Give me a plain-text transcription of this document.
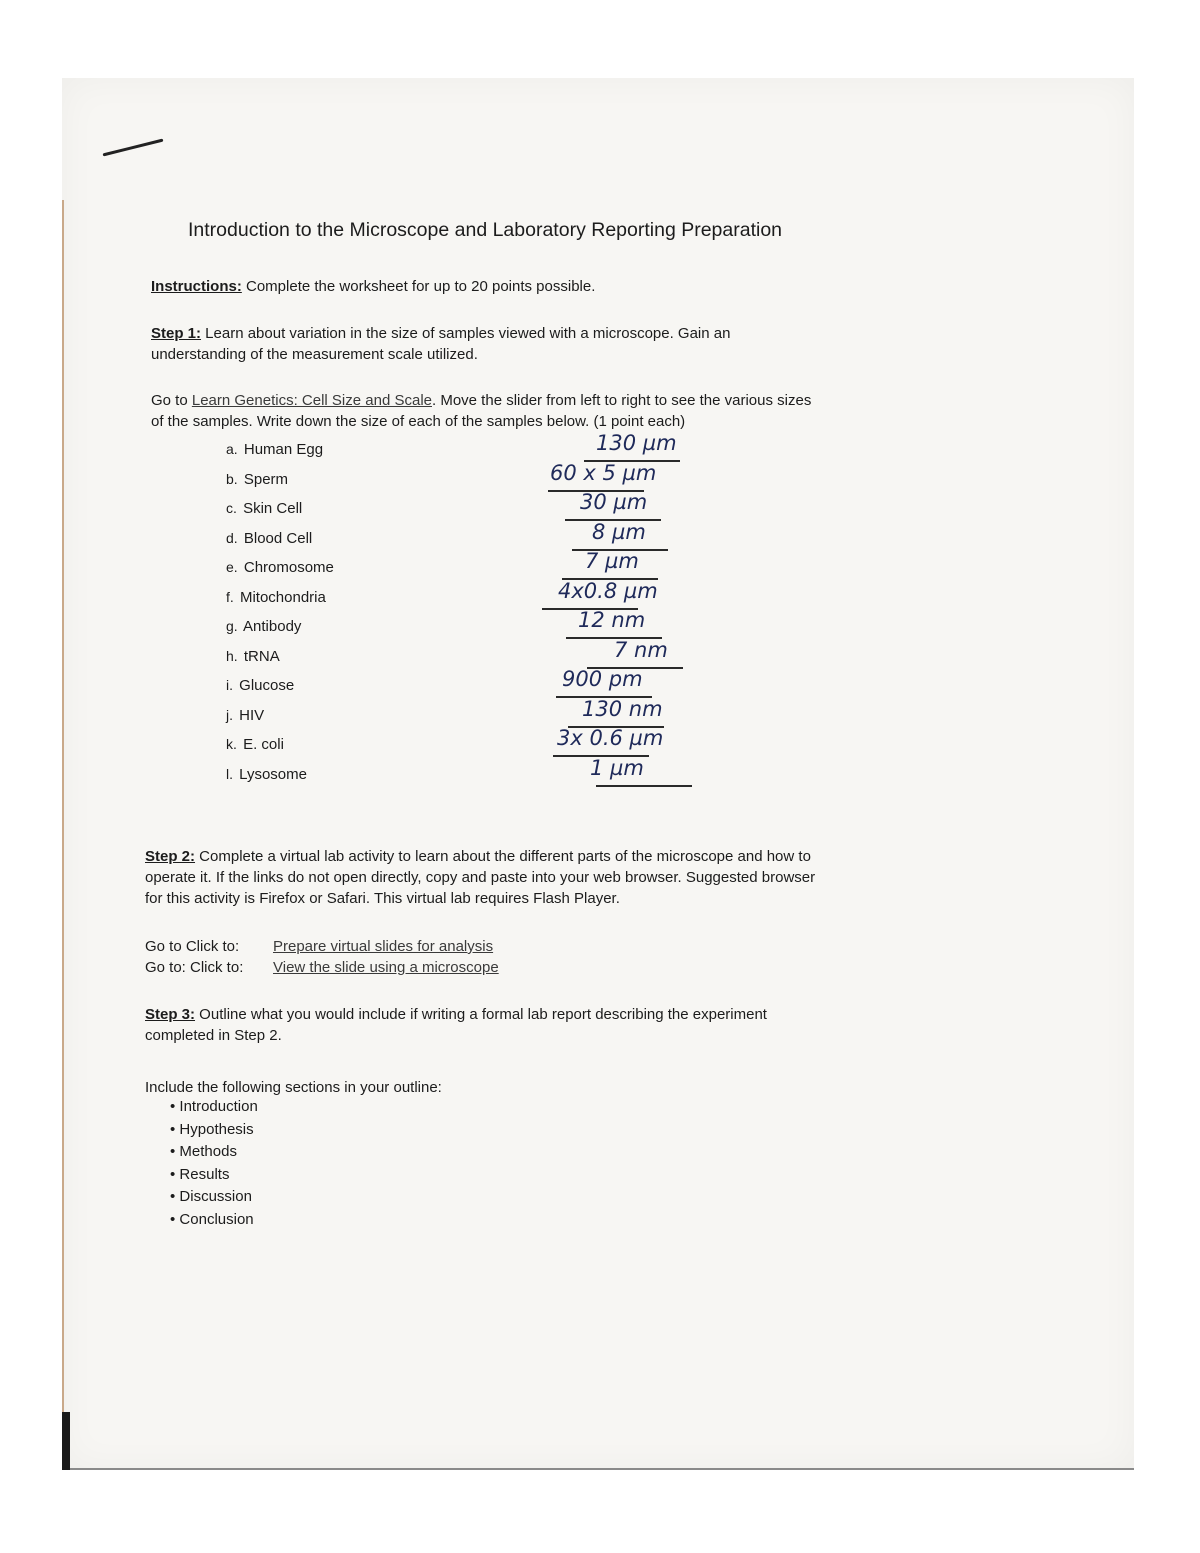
Introduction to the Microscope and Laboratory Reporting Preparation
Instructions: Complete the worksheet for up to 20 points possible.
Step 1: Learn about variation in the size of samples viewed with a microscope. Gain an
understanding of the measurement scale utilized.
Go to Learn Genetics: Cell Size and Scale. Move the slider from left to right to see the various sizes
of the samples. Write down the size of each of the samples below. (1 point each)
a. Human Egg	130 µm
b. Sperm	60 x 5 µm
c. Skin Cell	30 µm
d. Blood Cell	8 µm
e. Chromosome	7 µm
f. Mitochondria	4x0.8 µm
g. Antibody	12 nm
h. tRNA	7 nm
i. Glucose	900 pm
j. HIV	130 nm
k. E. coli	3x 0.6 µm
l. Lysosome	1 µm
Step 2: Complete a virtual lab activity to learn about the different parts of the microscope and how to
operate it. If the links do not open directly, copy and paste into your web browser. Suggested browser
for this activity is Firefox or Safari. This virtual lab requires Flash Player.
Go to Click to: Prepare virtual slides for analysis
Go to: Click to: View the slide using a microscope
Step 3: Outline what you would include if writing a formal lab report describing the experiment
completed in Step 2.
Include the following sections in your outline:
• Introduction
• Hypothesis
• Methods
• Results
• Discussion
• Conclusion
